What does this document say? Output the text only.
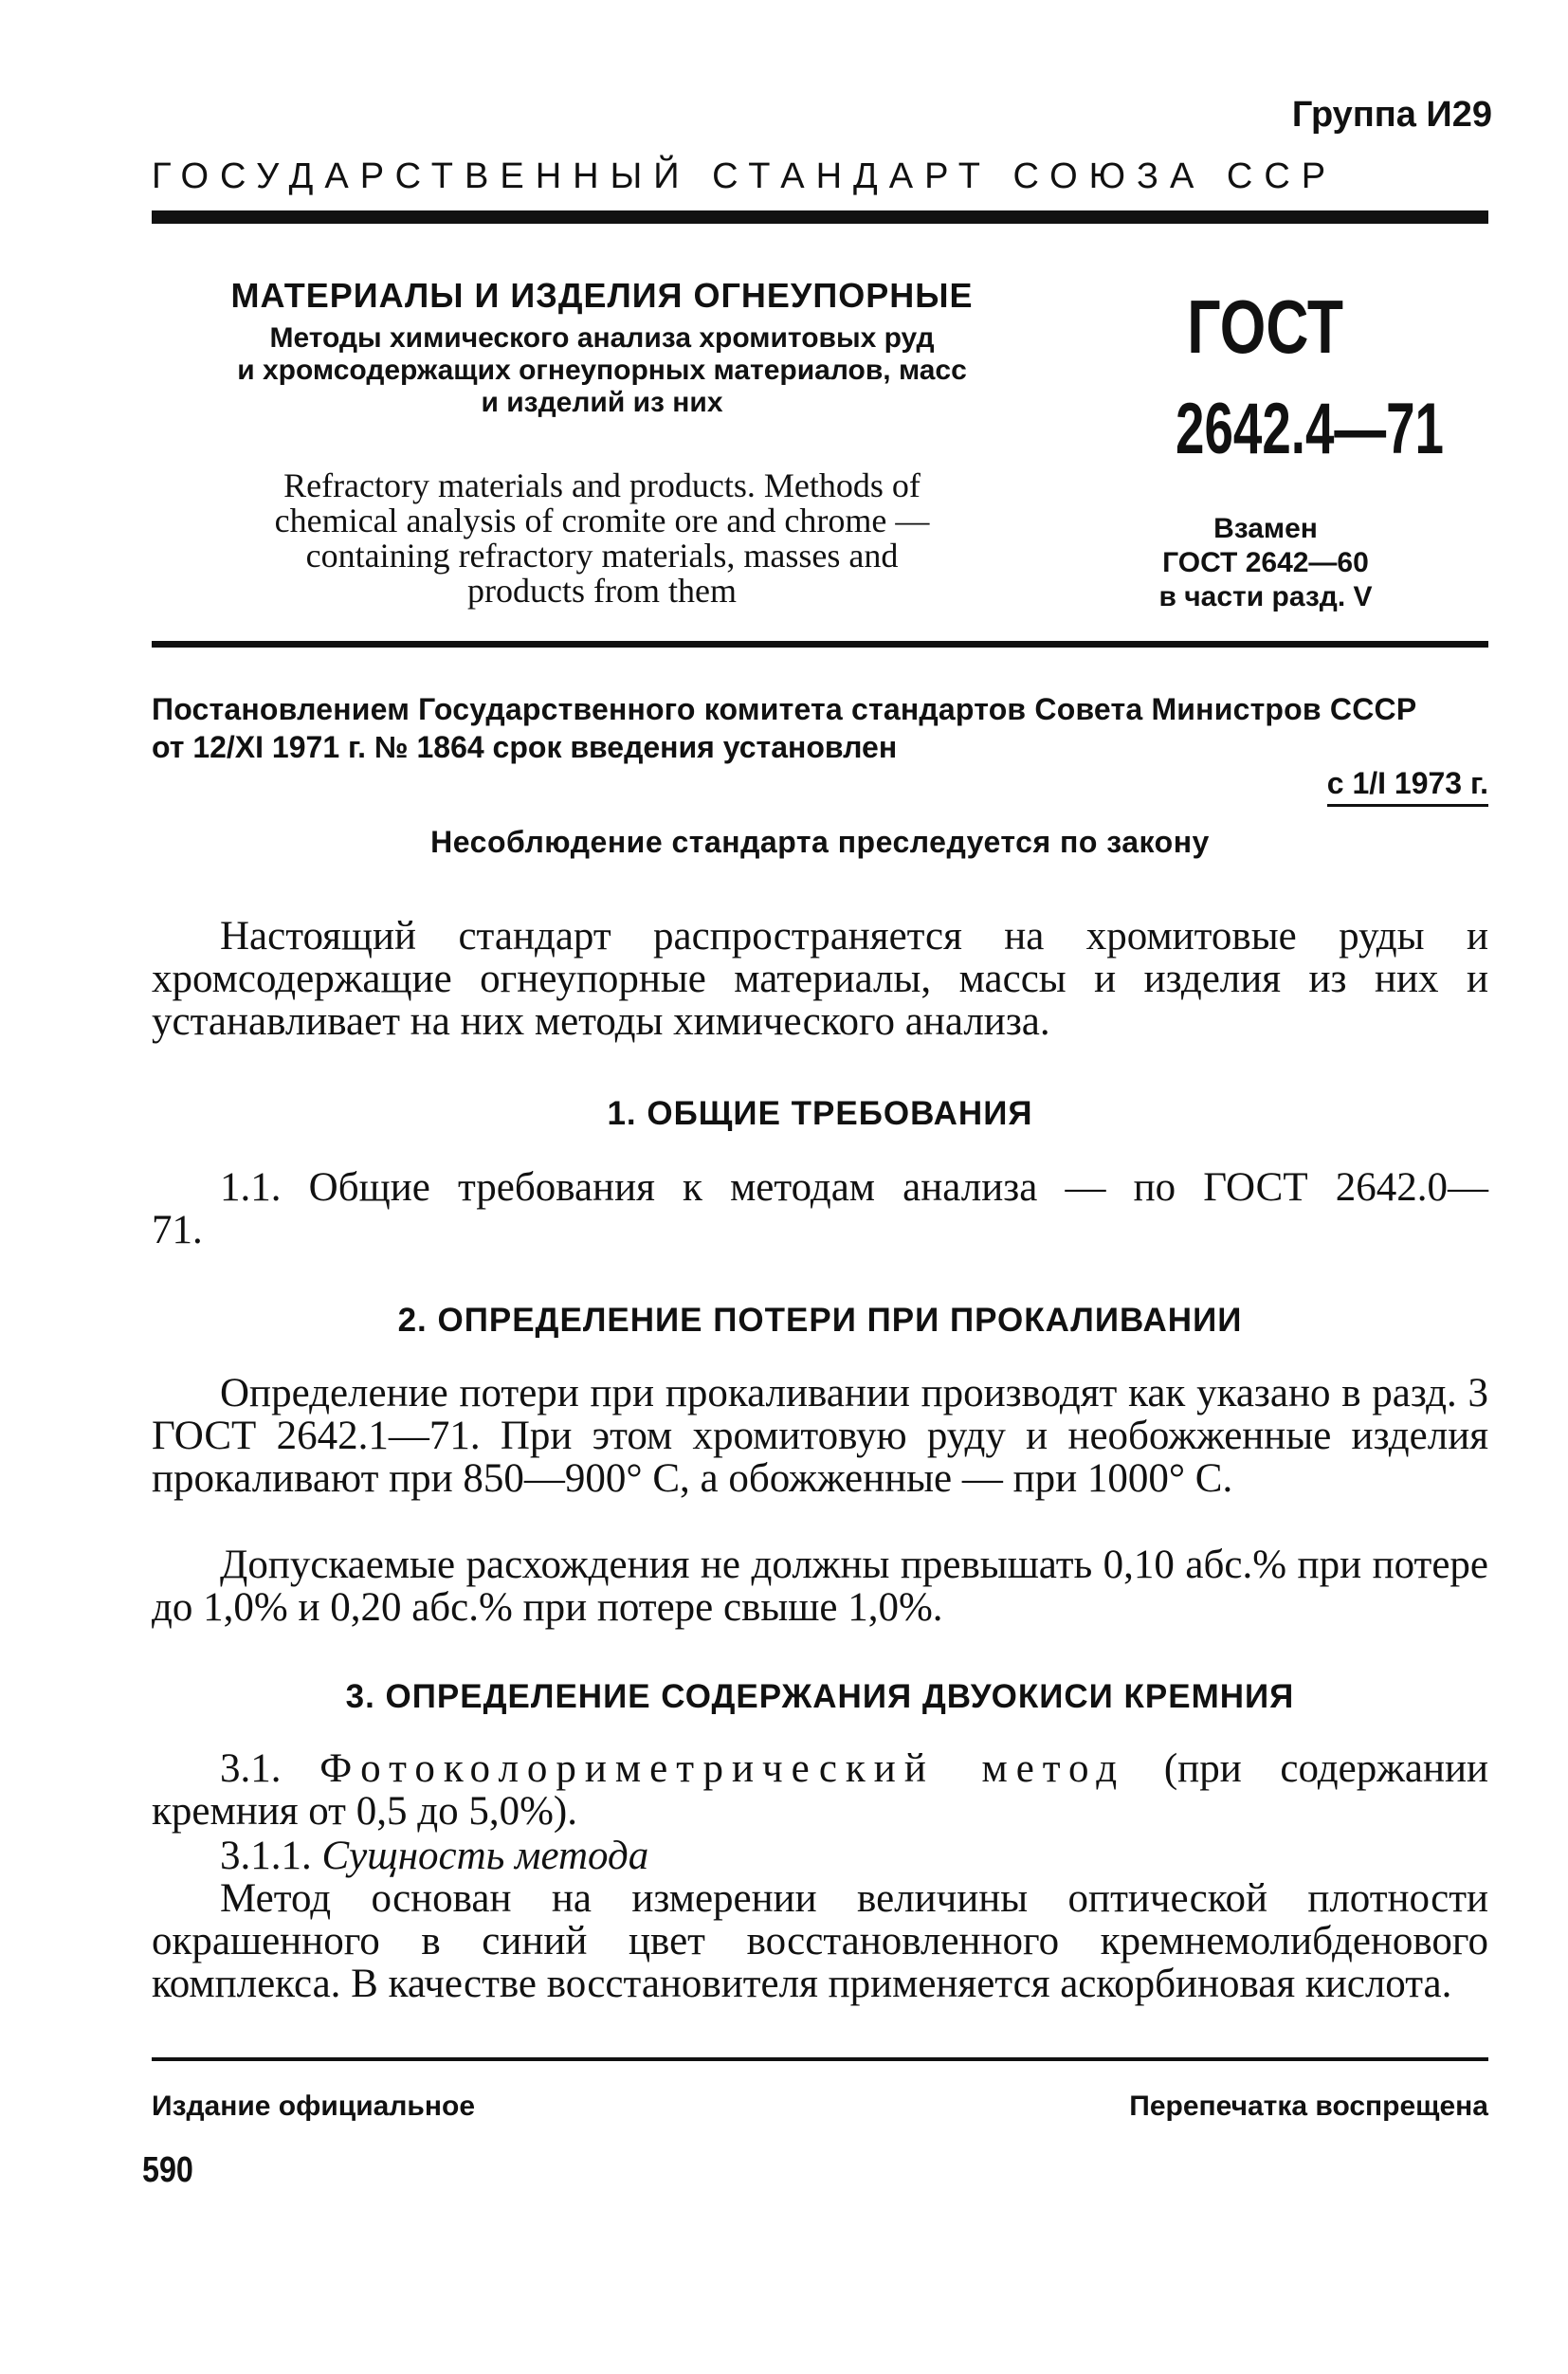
Группа И29
ГОСУДАРСТВЕННЫЙ СТАНДАРТ СОЮЗА ССР
МАТЕРИАЛЫ И ИЗДЕЛИЯ ОГНЕУПОРНЫЕ
Методы химического анализа хромитовых руд
и хромсодержащих огнеупорных материалов, масс
и изделий из них
Refractory materials and products. Methods of
chemical analysis of cromite ore and chrome —
containing refractory materials, masses and
products from them
ГОСТ 2642.4—71
Взамен
ГОСТ 2642—60
в части разд. V
Постановлением Государственного комитета стандартов Совета Министров СССР
от 12/XI 1971 г. № 1864 срок введения установлен
с 1/I 1973 г.
Несоблюдение стандарта преследуется по закону
Настоящий стандарт распространяется на хромитовые руды и хромсодержащие огнеупорные материалы, массы и изделия из них и устанавливает на них методы химического анализа.
1. ОБЩИЕ ТРЕБОВАНИЯ
1.1. Общие требования к методам анализа — по ГОСТ 2642.0—71.
2. ОПРЕДЕЛЕНИЕ ПОТЕРИ ПРИ ПРОКАЛИВАНИИ
Определение потери при прокаливании производят как указано в разд. 3 ГОСТ 2642.1—71. При этом хромитовую руду и необожженные изделия прокаливают при 850—900° С, а обожженные — при 1000° С.
Допускаемые расхождения не должны превышать 0,10 абс.% при потере до 1,0% и 0,20 абс.% при потере свыше 1,0%.
3. ОПРЕДЕЛЕНИЕ СОДЕРЖАНИЯ ДВУОКИСИ КРЕМНИЯ
3.1. Фотоколориметрический метод (при содержании кремния от 0,5 до 5,0%).
3.1.1. Сущность метода
Метод основан на измерении величины оптической плотности окрашенного в синий цвет восстановленного кремнемолибденового комплекса. В качестве восстановителя применяется аскорбиновая кислота.
Издание официальное	Перепечатка воспрещена
590
